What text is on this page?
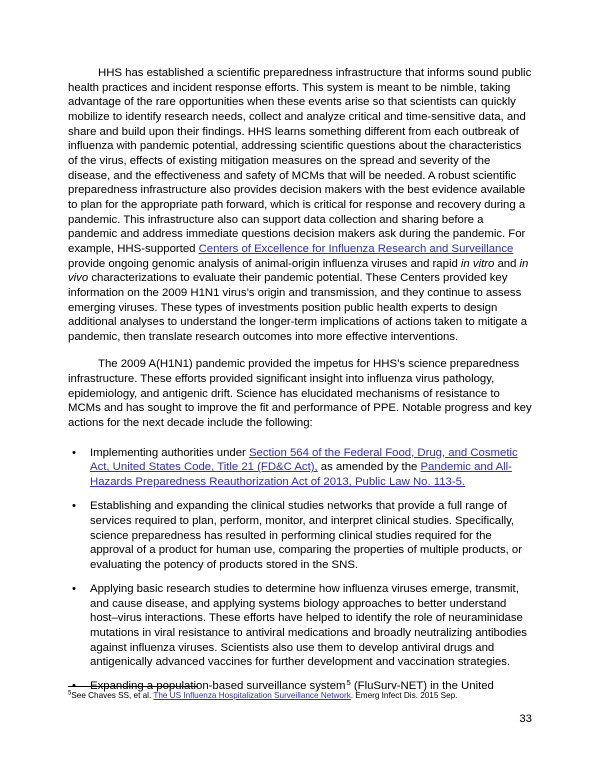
HHS has established a scientific preparedness infrastructure that informs sound public health practices and incident response efforts. This system is meant to be nimble, taking advantage of the rare opportunities when these events arise so that scientists can quickly mobilize to identify research needs, collect and analyze critical and time-sensitive data, and share and build upon their findings. HHS learns something different from each outbreak of influenza with pandemic potential, addressing scientific questions about the characteristics of the virus, effects of existing mitigation measures on the spread and severity of the disease, and the effectiveness and safety of MCMs that will be needed. A robust scientific preparedness infrastructure also provides decision makers with the best evidence available to plan for the appropriate path forward, which is critical for response and recovery during a pandemic. This infrastructure also can support data collection and sharing before a pandemic and address immediate questions decision makers ask during the pandemic. For example, HHS-supported Centers of Excellence for Influenza Research and Surveillance provide ongoing genomic analysis of animal-origin influenza viruses and rapid in vitro and in vivo characterizations to evaluate their pandemic potential. These Centers provided key information on the 2009 H1N1 virus’s origin and transmission, and they continue to assess emerging viruses. These types of investments position public health experts to design additional analyses to understand the longer-term implications of actions taken to mitigate a pandemic, then translate research outcomes into more effective interventions.

The 2009 A(H1N1) pandemic provided the impetus for HHS’s science preparedness infrastructure. These efforts provided significant insight into influenza virus pathology, epidemiology, and antigenic drift. Science has elucidated mechanisms of resistance to MCMs and has sought to improve the fit and performance of PPE. Notable progress and key actions for the next decade include the following:

• Implementing authorities under Section 564 of the Federal Food, Drug, and Cosmetic Act, United States Code, Title 21 (FD&C Act), as amended by the Pandemic and All-Hazards Preparedness Reauthorization Act of 2013, Public Law No. 113-5.
• Establishing and expanding the clinical studies networks that provide a full range of services required to plan, perform, monitor, and interpret clinical studies. Specifically, science preparedness has resulted in performing clinical studies required for the approval of a product for human use, comparing the properties of multiple products, or evaluating the potency of products stored in the SNS.
• Applying basic research studies to determine how influenza viruses emerge, transmit, and cause disease, and applying systems biology approaches to better understand host–virus interactions. These efforts have helped to identify the role of neuraminidase mutations in viral resistance to antiviral medications and broadly neutralizing antibodies against influenza viruses. Scientists also use them to develop antiviral drugs and antigenically advanced vaccines for further development and vaccination strategies.
• Expanding a population-based surveillance system$^5$ (FluSurv-NET) in the United

$^5$See Chaves SS, et al. The US Influenza Hospitalization Surveillance Network. Emerg Infect Dis. 2015 Sep.

33
